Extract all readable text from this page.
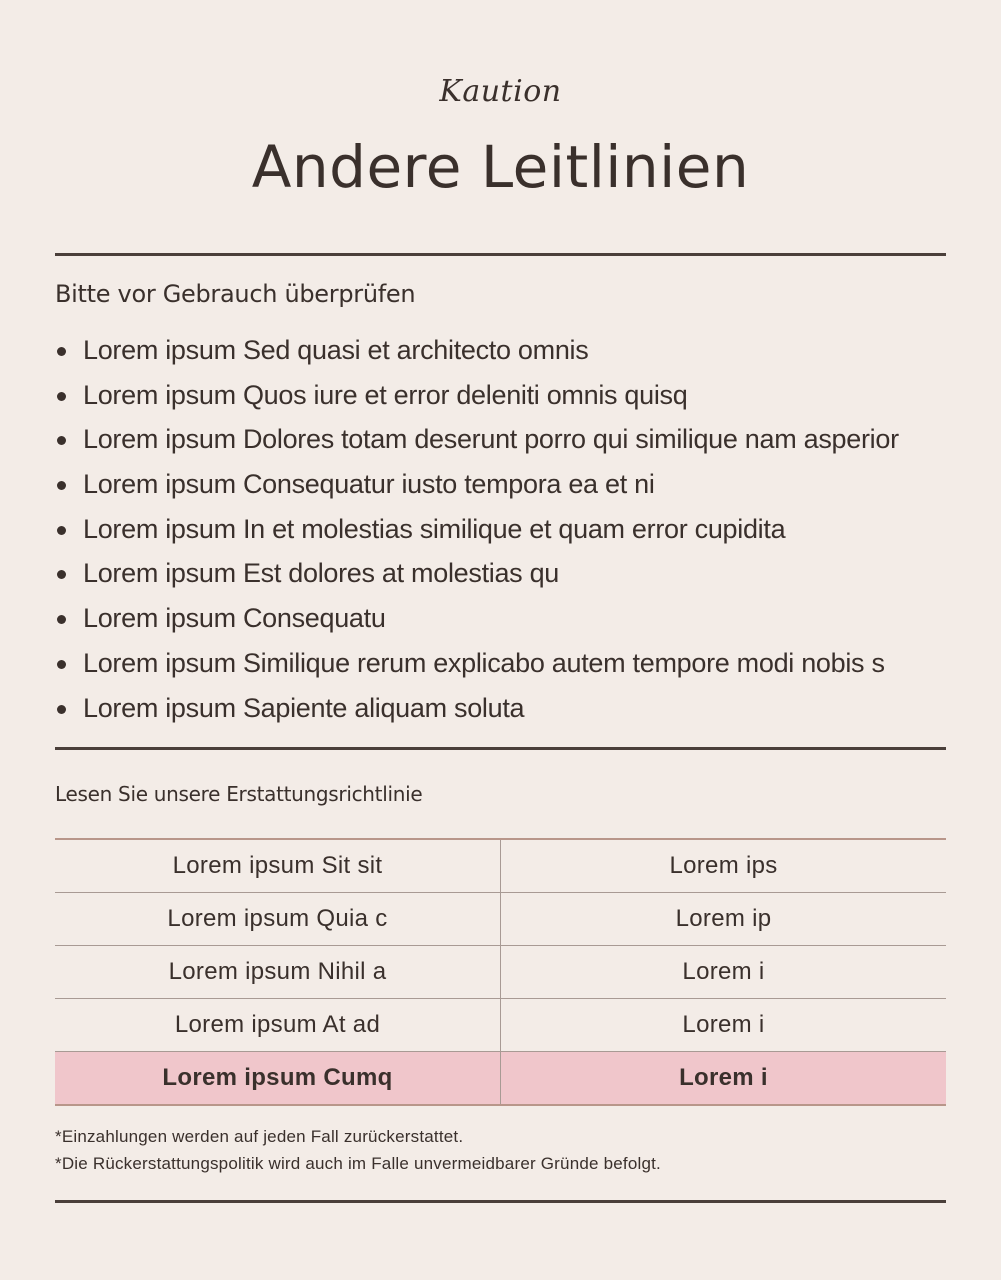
Kaution
Andere Leitlinien
Bitte vor Gebrauch überprüfen
Lorem ipsum Sed quasi et architecto omnis
Lorem ipsum Quos iure et error deleniti omnis quisq
Lorem ipsum Dolores totam deserunt porro qui similique nam asperior
Lorem ipsum Consequatur iusto tempora ea et ni
Lorem ipsum In et molestias similique et quam error cupidita
Lorem ipsum Est dolores at molestias qu
Lorem ipsum Consequatu
Lorem ipsum Similique rerum explicabo autem tempore modi nobis s
Lorem ipsum Sapiente aliquam soluta
Lesen Sie unsere Erstattungsrichtlinie
Lorem ipsum Sit sit	Lorem ips
Lorem ipsum Quia c	Lorem ip
Lorem ipsum Nihil a	Lorem i
Lorem ipsum At ad	Lorem i
Lorem ipsum Cumq	Lorem i
*Einzahlungen werden auf jeden Fall zurückerstattet.
*Die Rückerstattungspolitik wird auch im Falle unvermeidbarer Gründe befolgt.
